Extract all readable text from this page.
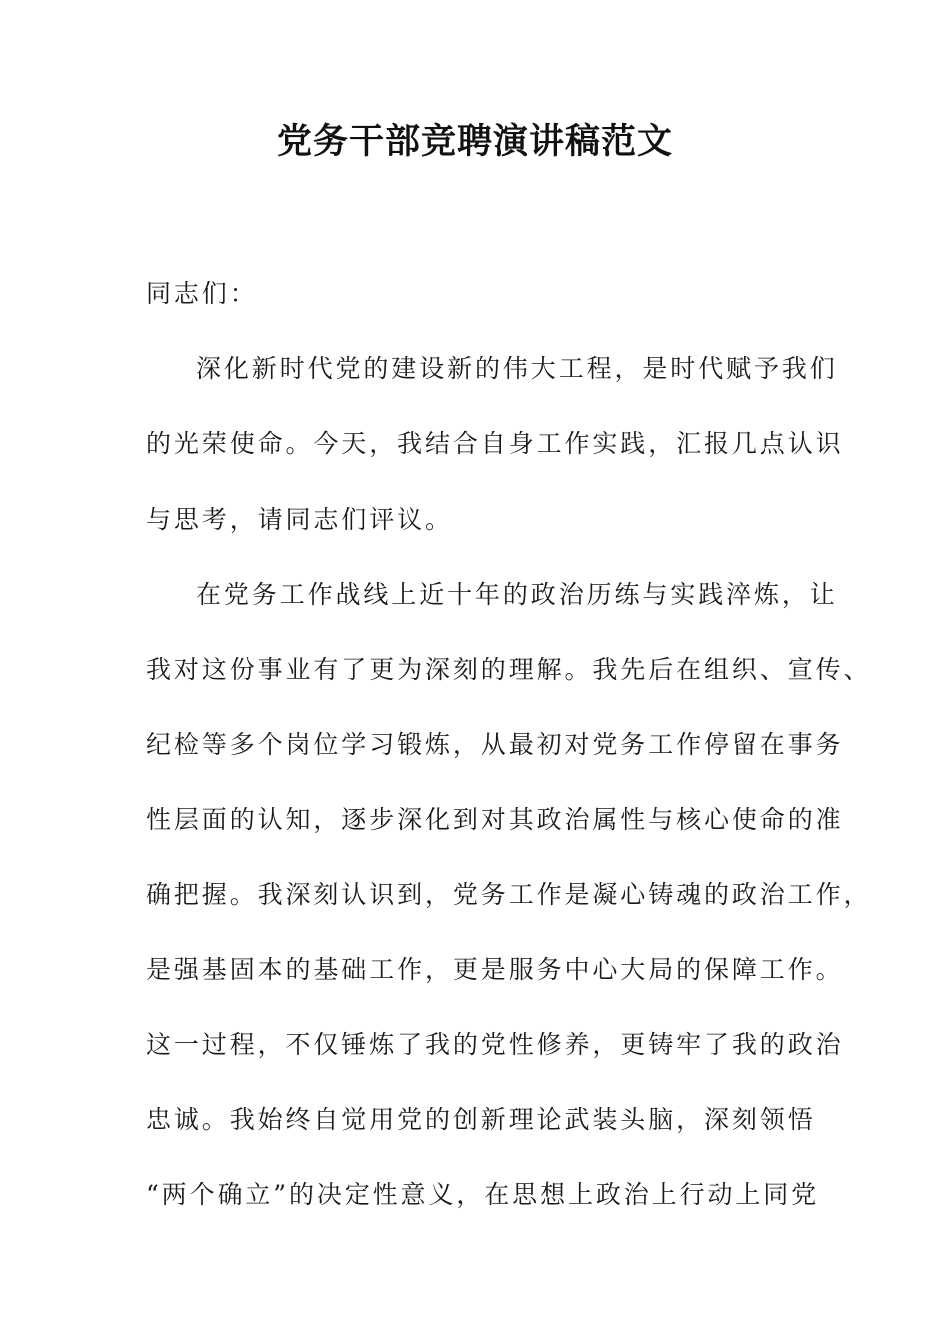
党务干部竞聘演讲稿范文
同志们：
深化新时代党的建设新的伟大工程，是时代赋予我们
的光荣使命。今天，我结合自身工作实践，汇报几点认识
与思考，请同志们评议。
在党务工作战线上近十年的政治历练与实践淬炼，让
我对这份事业有了更为深刻的理解。我先后在组织、宣传、
纪检等多个岗位学习锻炼，从最初对党务工作停留在事务
性层面的认知，逐步深化到对其政治属性与核心使命的准
确把握。我深刻认识到，党务工作是凝心铸魂的政治工作，
是强基固本的基础工作，更是服务中心大局的保障工作。
这一过程，不仅锤炼了我的党性修养，更铸牢了我的政治
忠诚。我始终自觉用党的创新理论武装头脑，深刻领悟
“两个确立”的决定性意义，在思想上政治上行动上同党
